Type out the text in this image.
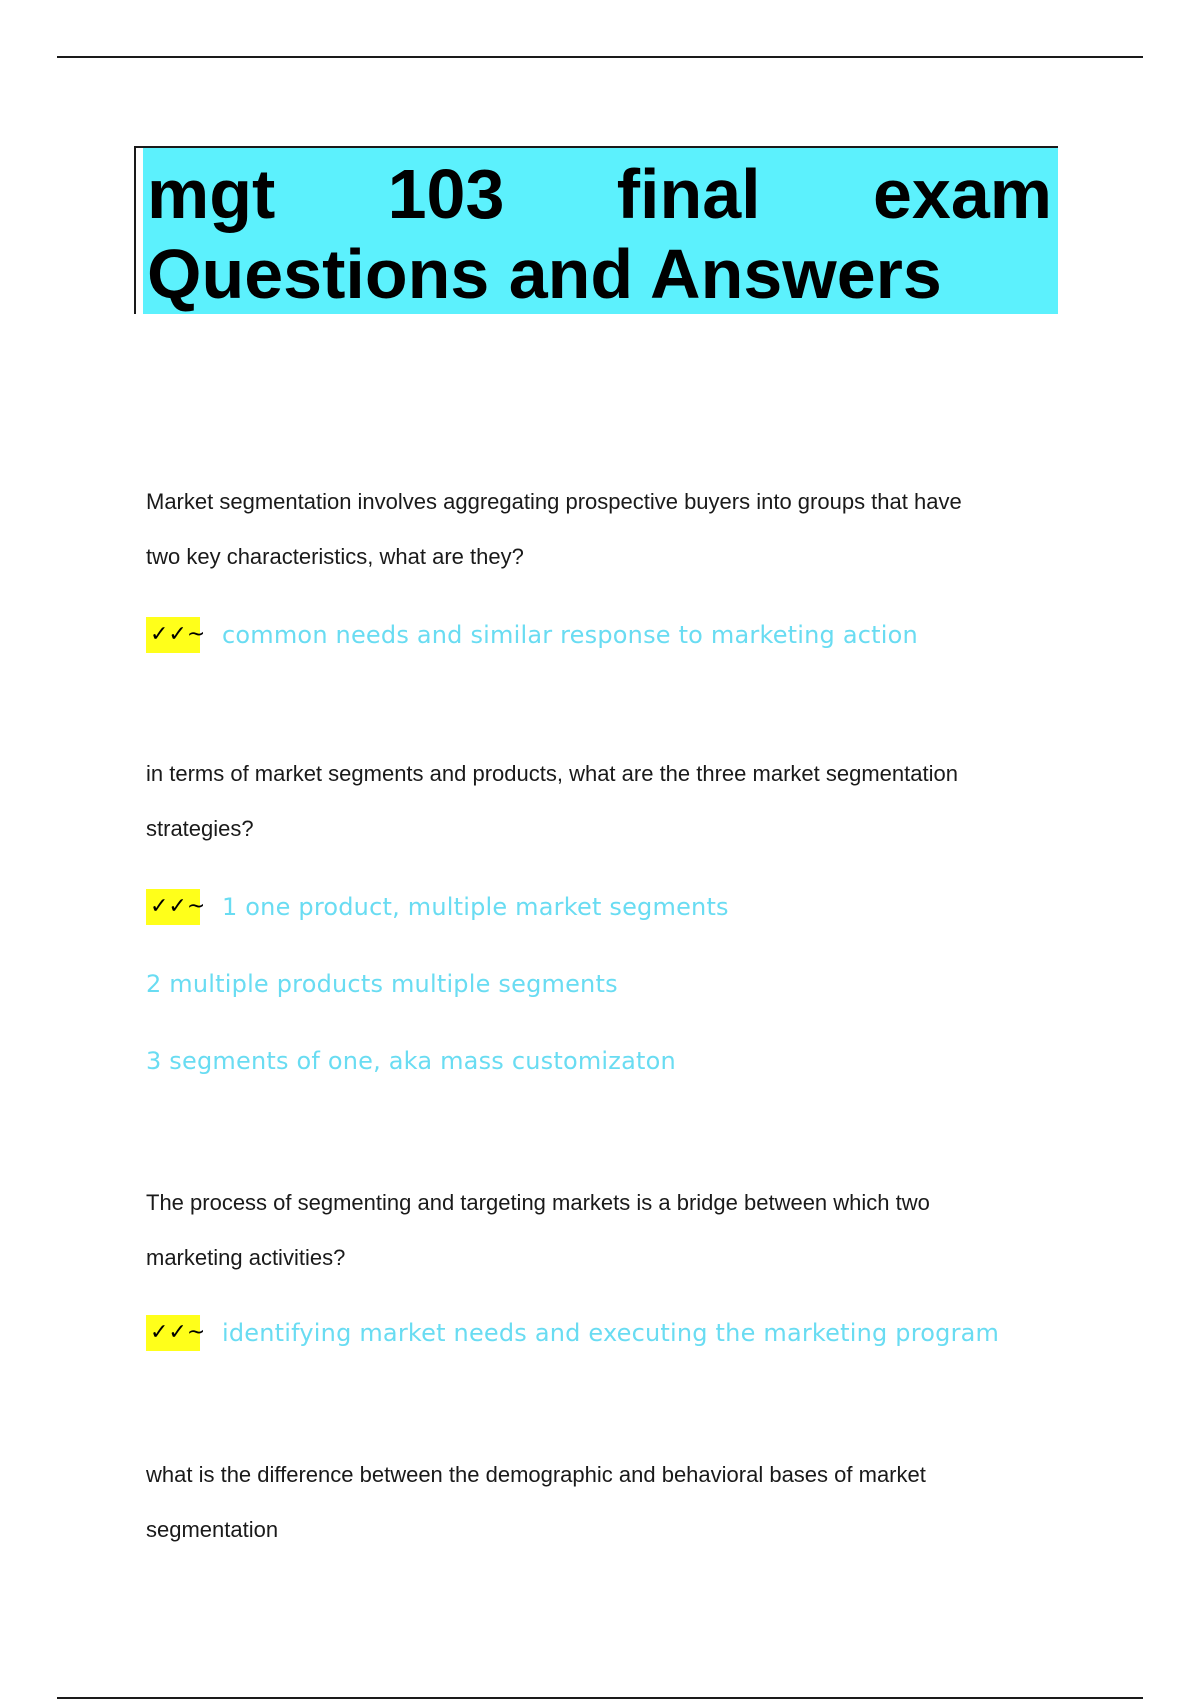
mgt 103 final exam
Questions and Answers
Market segmentation involves aggregating prospective buyers into groups that have
two key characteristics, what are they?
✓✓~ common needs and similar response to marketing action
in terms of market segments and products, what are the three market segmentation
strategies?
✓✓~ 1 one product, multiple market segments
2 multiple products multiple segments
3 segments of one, aka mass customizaton
The process of segmenting and targeting markets is a bridge between which two
marketing activities?
✓✓~ identifying market needs and executing the marketing program
what is the difference between the demographic and behavioral bases of market
segmentation
